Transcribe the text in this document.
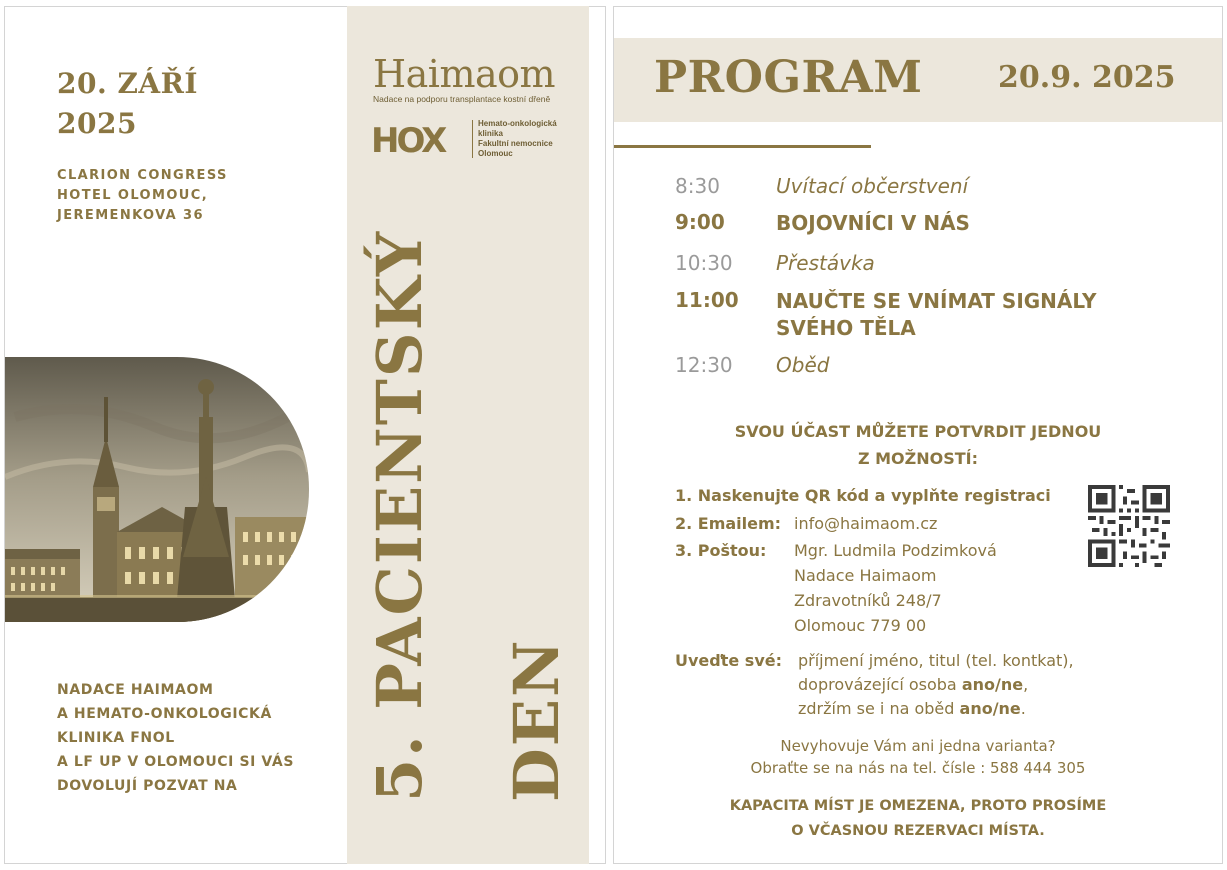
20. ZÁŘÍ
2025
CLARION CONGRESS
HOTEL OLOMOUC,
JEREMENKOVA 36
NADACE HAIMAOM
A HEMATO-ONKOLOGICKÁ
KLINIKA FNOL
A LF UP V OLOMOUCI SI VÁS
DOVOLUJÍ POZVAT NA
Haimaom
Nadace na podporu transplantace kostní dřeně
HOX	Hemato-onkologická
klinika
Fakultní nemocnice
Olomouc
5. PACIENTSKÝ DEN
PROGRAM	20.9. 2025
8:30	Uvítací občerstvení
9:00	BOJOVNÍCI V NÁS
10:30 Přestávka
11:00 NAUČTE SE VNÍMAT SIGNÁLY
SVÉHO TĚLA
12:30 Oběd
SVOU ÚČAST MŮŽETE POTVRDIT JEDNOU
Z MOŽNOSTÍ:
1. Naskenujte QR kód a vyplňte registraci
2. Emailem: info@haimaom.cz
3. Poštou: Mgr. Ludmila Podzimková
Nadace Haimaom
Zdravotníků 248/7
Olomouc 779 00
Uveďte své: příjmení jméno, titul (tel. kontkat),
doprovázející osoba ano/ne,
zdržím se i na oběd ano/ne.
Nevyhovuje Vám ani jedna varianta?
Obraťte se na nás na tel. čísle : 588 444 305
KAPACITA MÍST JE OMEZENA, PROTO PROSÍME
O VČASNOU REZERVACI MÍSTA.
